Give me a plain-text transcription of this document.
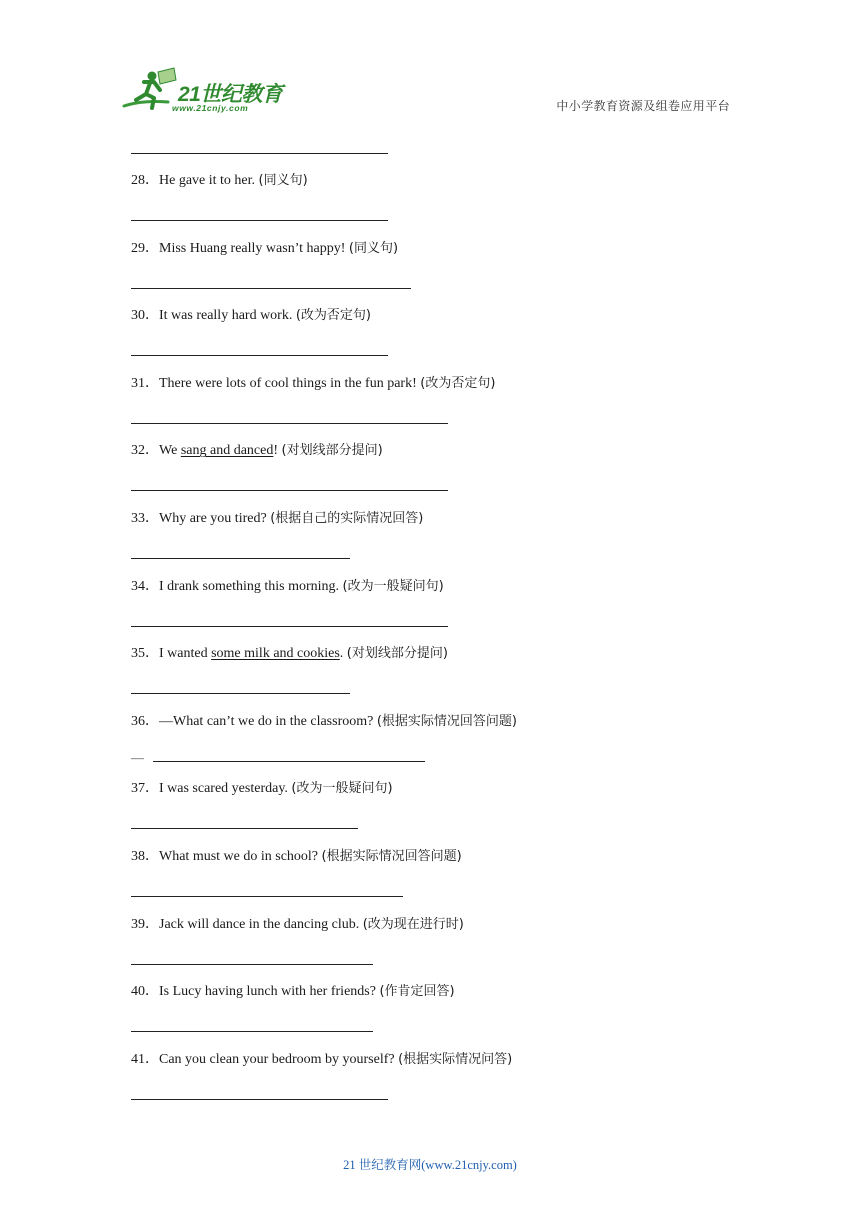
21世纪教育
www.21cnjy.com	中小学教育资源及组卷应用平台
28．He gave it to her. (同义句)
29．Miss Huang really wasn’t happy! (同义句)
30．It was really hard work. (改为否定句)
31．There were lots of cool things in the fun park! (改为否定句)
32．We sang and danced! (对划线部分提问)
33．Why are you tired? (根据自己的实际情况回答)
34．I drank something this morning. (改为一般疑问句)
35．I wanted some milk and cookies. (对划线部分提问)
36．—What can’t we do in the classroom? (根据实际情况回答问题)
—
37．I was scared yesterday. (改为一般疑问句)
38．What must we do in school? (根据实际情况回答问题)
39．Jack will dance in the dancing club. (改为现在进行时)
40．Is Lucy having lunch with her friends? (作肯定回答)
41．Can you clean your bedroom by yourself? (根据实际情况问答)
21 世纪教育网(www.21cnjy.com)
